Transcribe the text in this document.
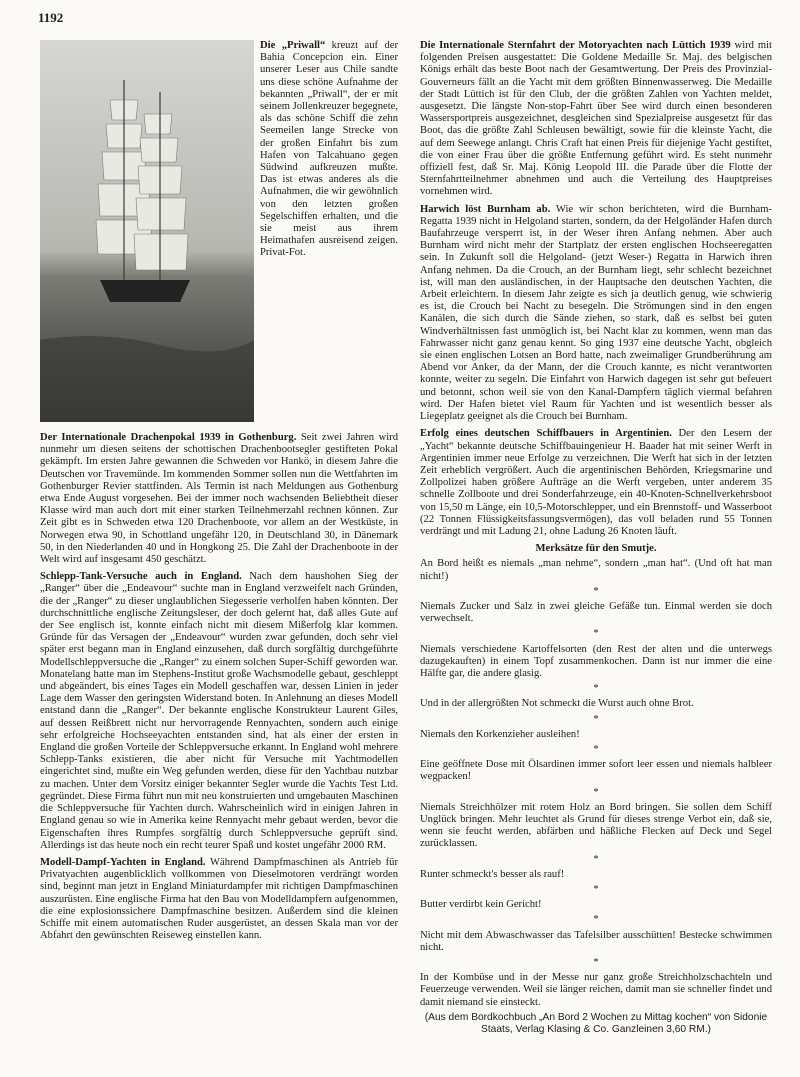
1192
Die „Priwall“ kreuzt auf der Bahia Concepcion ein. Einer unserer Leser aus Chile sandte uns diese schöne Aufnahme der bekannten „Priwall“, der er mit seinem Jollenkreuzer begegnete, als das schöne Schiff die zehn Seemeilen lange Strecke von der großen Einfahrt bis zum Hafen von Talcahuano gegen Südwind aufkreuzen mußte. Das ist etwas anderes als die Aufnahmen, die wir gewöhnlich von den letzten großen Segelschiffen erhalten, und die sie meist aus ihrem Heimathafen ausreisend zeigen. Privat-Fot.

Der Internationale Drachenpokal 1939 in Gothenburg. Seit zwei Jahren wird nunmehr um diesen seitens der schottischen Drachenbootsegler gestifteten Pokal gekämpft. Im ersten Jahre gewannen die Schweden vor Hankö, in diesem Jahre die Deutschen vor Travemünde. Im kommenden Sommer sollen nun die Wettfahrten im Gothenburger Revier stattfinden. Als Termin ist nach Meldungen aus Gothenburg etwa Ende August vorgesehen. Bei der immer noch wachsenden Beliebtheit dieser Klasse wird man auch dort mit einer starken Teilnehmerzahl rechnen können. Zur Zeit gibt es in Schweden etwa 120 Drachenboote, vor allem an der Westküste, in Norwegen etwa 90, in Schottland ungefähr 120, in Deutschland 30, in Dänemark 50, in den Niederlanden 40 und in Hongkong 25. Die Zahl der Drachenboote in der Welt wird auf insgesamt 450 geschätzt.

Schlepp-Tank-Versuche auch in England. Nach dem haushohen Sieg der „Ranger“ über die „Endeavour“ suchte man in England verzweifelt nach Gründen, die der „Ranger“ zu dieser unglaublichen Siegesserie verholfen haben könnten. Der durchschnittliche englische Zeitungsleser, der doch gelernt hat, daß alles Gute auf der See englisch ist, konnte einfach nicht mit diesem Mißerfolg klar kommen. Gründe für das Versagen der „Endeavour“ wurden zwar gefunden, doch sehr viel später erst begann man in England einzusehen, daß durch sorgfältig durchgeführte Modellschleppversuche die „Ranger“ zu einem solchen Super-Schiff geworden war. Monatelang hatte man im Stephens-Institut große Wachsmodelle gebaut, geschleppt und abgeändert, bis eines Tages ein Modell geschaffen war, dessen Linien in jeder Lage dem Wasser den geringsten Widerstand boten. In Anlehnung an dieses Modell entstand dann die „Ranger“. Der bekannte englische Konstrukteur Laurent Giles, auf dessen Reißbrett nicht nur hervorragende Rennyachten, sondern auch einige sehr erfolgreiche Hochseeyachten entstanden sind, hat als einer der ersten in England die großen Vorteile der Schleppversuche erkannt. In England wohl mehrere Schlepp-Tanks existieren, die aber nicht für Versuche mit Yachtmodellen eingerichtet sind, mußte ein Weg gefunden werden, diese für den Yachtbau nutzbar zu machen. Unter dem Vorsitz einiger bekannter Segler wurde die Yachts Test Ltd. gegründet. Diese Firma führt nun mit neu konstruierten und umgebauten Maschinen die Schleppversuche für Yachten durch. Wahrscheinlich wird in einigen Jahren in England genau so wie in Amerika keine Rennyacht mehr gebaut werden, bevor die Eigenschaften ihres Rumpfes sorgfältig durch Schleppversuche geprüft sind. Allerdings ist das heute noch ein recht teurer Spaß und kostet ungefähr 2000 RM.

Modell-Dampf-Yachten in England. Während Dampfmaschinen als Antrieb für Privatyachten augenblicklich vollkommen von Dieselmotoren verdrängt worden sind, beginnt man jetzt in England Miniaturdampfer mit richtigen Dampfmaschinen auszurüsten. Eine englische Firma hat den Bau von Modelldampfern aufgenommen, die eine explosionssichere Dampfmaschine besitzen. Außerdem sind die kleinen Schiffe mit einem automatischen Ruder ausgerüstet, an dessen Skala man vor der Abfahrt den gewünschten Reiseweg einstellen kann.

Die Internationale Sternfahrt der Motoryachten nach Lüttich 1939 wird mit folgenden Preisen ausgestattet: Die Goldene Medaille Sr. Maj. des belgischen Königs erhält das beste Boot nach der Gesamtwertung. Der Preis des Provinzial-Gouverneurs fällt an die Yacht mit dem größten Binnenwasserweg. Die Medaille der Stadt Lüttich ist für den Club, der die größten Zahlen von Yachten meldet, ausgesetzt. Die längste Non-stop-Fahrt über See wird durch einen besonderen Wassersportpreis ausgezeichnet, desgleichen sind Spezialpreise ausgesetzt für das Boot, das die größte Zahl Schleusen bewältigt, sowie für die kleinste Yacht, die auf dem Seewege anlangt. Chris Craft hat einen Preis für diejenige Yacht gestiftet, die von einer Frau über die größte Entfernung geführt wird. Es steht nunmehr offiziell fest, daß Sr. Maj. König Leopold III. die Parade über die Flotte der Sternfahrtteilnehmer abnehmen und auch die Verteilung des Hauptpreises vornehmen wird.

Harwich löst Burnham ab. Wie wir schon berichteten, wird die Burnham-Regatta 1939 nicht in Helgoland starten, sondern, da der Helgoländer Hafen durch Baufahrzeuge versperrt ist, in der Weser ihren Anfang nehmen. Aber auch Burnham wird nicht mehr der Startplatz der ersten englischen Hochseeregatten sein. In Zukunft soll die Helgoland- (jetzt Weser-) Regatta in Harwich ihren Anfang nehmen. Da die Crouch, an der Burnham liegt, sehr schlecht bezeichnet ist, will man den ausländischen, in der Hauptsache den deutschen Yachten, die Arbeit erleichtern. In diesem Jahr zeigte es sich ja deutlich genug, wie schwierig es ist, die Crouch bei Nacht zu besegeln. Die Strömungen sind in den engen Kanälen, die sich durch die Sände ziehen, so stark, daß es selbst bei guten Windverhältnissen fast unmöglich ist, bei Nacht klar zu kommen, wenn man das Fahrwasser nicht ganz genau kennt. So ging 1937 eine deutsche Yacht, obgleich sie einen englischen Lotsen an Bord hatte, nach zweimaliger Grundberührung am Abend vor Anker, da der Mann, der die Crouch kannte, es nicht verantworten konnte, weiter zu segeln. Die Einfahrt von Harwich dagegen ist sehr gut befeuert und betonnt, schon weil sie von den Kanal-Dampfern täglich viermal befahren wird. Der Hafen bietet viel Raum für Yachten und ist wesentlich besser als Liegeplatz geeignet als die Crouch bei Burnham.

Erfolg eines deutschen Schiffbauers in Argentinien. Der den Lesern der „Yacht“ bekannte deutsche Schiffbauingenieur H. Baader hat mit seiner Werft in Argentinien immer neue Erfolge zu verzeichnen. Die Werft hat sich in der letzten Zeit erheblich vergrößert. Auch die argentinischen Behörden, Kriegsmarine und Zollpolizei haben größere Aufträge an die Werft vergeben, unter anderem 35 schnelle Zollboote und drei Sonderfahrzeuge, ein 40-Knoten-Schnellverkehrsboot von 15,50 m Länge, ein 10,5-Motorschlepper, und ein Brennstoff- und Wasserboot (22 Tonnen Flüssigkeitsfassungsvermögen), das voll beladen rund 55 Tonnen verdrängt und mit Ladung 21, ohne Ladung 26 Knoten läuft.

Merksätze für den Smutje.

An Bord heißt es niemals „man nehme“, sondern „man hat“. (Und oft hat man nicht!)

*

Niemals Zucker und Salz in zwei gleiche Gefäße tun. Einmal werden sie doch verwechselt.

*

Niemals verschiedene Kartoffelsorten (den Rest der alten und die unterwegs dazugekauften) in einem Topf zusammenkochen. Dann ist nur immer die eine Hälfte gar, die andere glasig.

*

Und in der allergrößten Not schmeckt die Wurst auch ohne Brot.

*

Niemals den Korkenzieher ausleihen!

*

Eine geöffnete Dose mit Ölsardinen immer sofort leer essen und niemals halbleer wegpacken!

*

Niemals Streichhölzer mit rotem Holz an Bord bringen. Sie sollen dem Schiff Unglück bringen. Mehr leuchtet als Grund für dieses strenge Verbot ein, daß sie, wenn sie feucht werden, abfärben und häßliche Flecken auf Deck und Segel zurücklassen.

*

Runter schmeckt's besser als rauf!

*

Butter verdirbt kein Gericht!

*

Nicht mit dem Abwaschwasser das Tafelsilber ausschütten! Bestecke schwimmen nicht.

*

In der Kombüse und in der Messe nur ganz große Streichholzschachteln und Feuerzeuge verwenden. Weil sie länger reichen, damit man sie schneller findet und damit niemand sie einsteckt.

(Aus dem Bordkochbuch „An Bord 2 Wochen zu Mittag kochen“ von Sidonie Staats, Verlag Klasing & Co. Ganzleinen 3,60 RM.)
